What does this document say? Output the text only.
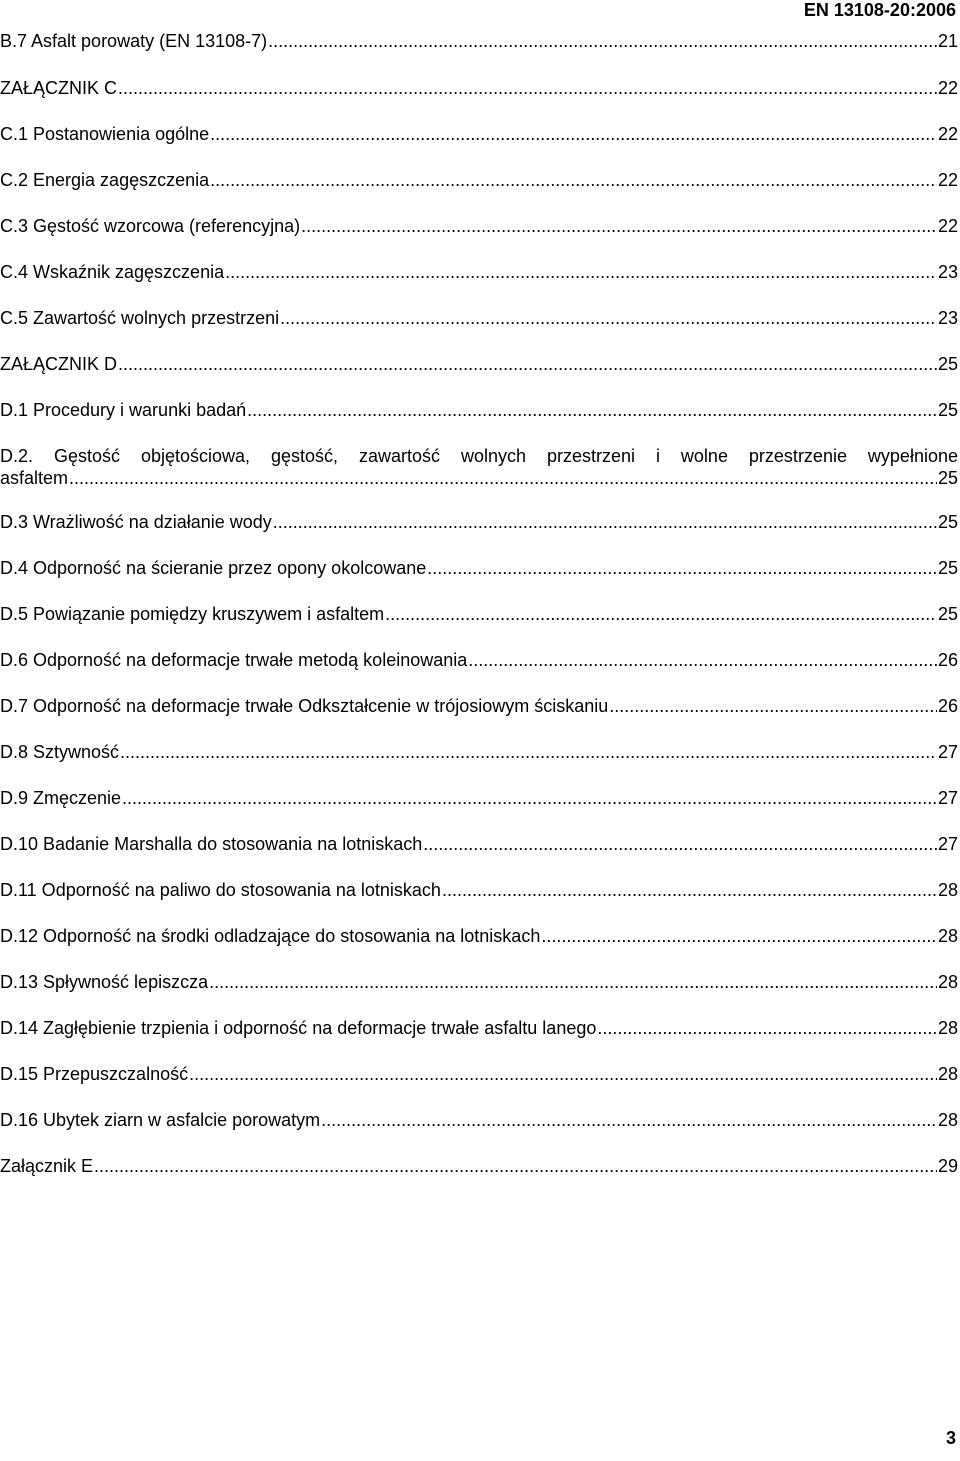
EN 13108-20:2006
B.7 Asfalt porowaty (EN 13108-7) .....	21
ZAŁĄCZNIK C .....	22
C.1 Postanowienia ogólne .....	22
C.2 Energia zagęszczenia .....	22
C.3 Gęstość wzorcowa (referencyjna) .....	22
C.4 Wskaźnik zagęszczenia .....	23
C.5 Zawartość wolnych przestrzeni .....	23
ZAŁĄCZNIK D .....	25
D.1 Procedury i warunki badań .....	25
D.2. Gęstość objętościowa, gęstość, zawartość wolnych przestrzeni i wolne przestrzenie wypełnione
asfaltem .....	25
D.3 Wrażliwość na działanie wody .....	25
D.4 Odporność na ścieranie przez opony okolcowane .....	25
D.5 Powiązanie pomiędzy kruszywem i asfaltem .....	25
D.6 Odporność na deformacje trwałe metodą koleinowania .....	26
D.7 Odporność na deformacje trwałe Odkształcenie w trójosiowym ściskaniu .....	26
D.8 Sztywność .....	27
D.9 Zmęczenie .....	27
D.10 Badanie Marshalla do stosowania na lotniskach .....	27
D.11 Odporność na paliwo do stosowania na lotniskach .....	28
D.12 Odporność na środki odladzające do stosowania na lotniskach .....	28
D.13 Spływność lepiszcza .....	28
D.14 Zagłębienie trzpienia i odporność na deformacje trwałe asfaltu lanego .....	28
D.15 Przepuszczalność .....	28
D.16 Ubytek ziarn w asfalcie porowatym .....	28
Załącznik E .....	29
3
